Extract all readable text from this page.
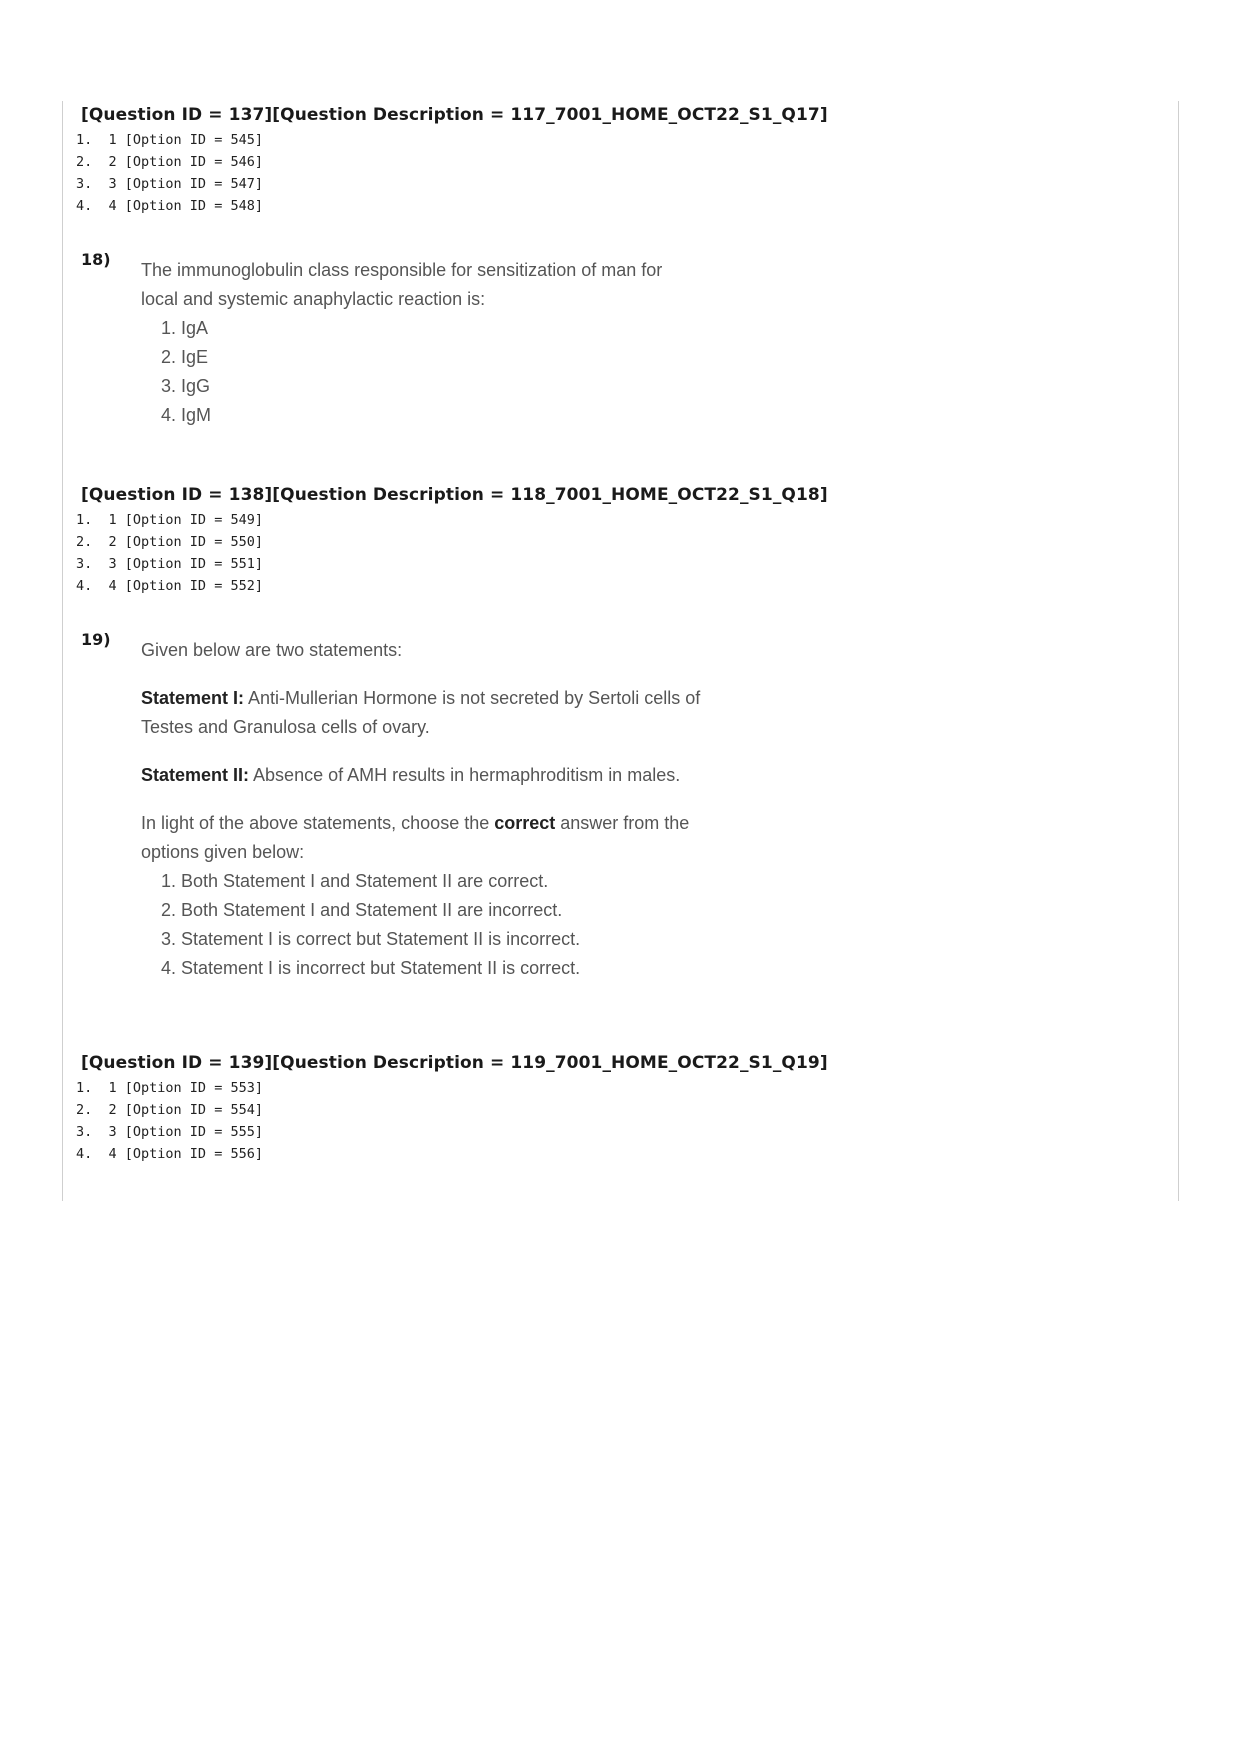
[Question ID = 137][Question Description = 117_7001_HOME_OCT22_S1_Q17]
1. 1 [Option ID = 545]
2. 2 [Option ID = 546]
3. 3 [Option ID = 547]
4. 4 [Option ID = 548]
18)

The immunoglobulin class responsible for sensitization of man for

local and systemic anaphylactic reaction is:

1. IgA
2. IgE
3. IgG
4. IgM
[Question ID = 138][Question Description = 118_7001_HOME_OCT22_S1_Q18]
1. 1 [Option ID = 549]
2. 2 [Option ID = 550]
3. 3 [Option ID = 551]
4. 4 [Option ID = 552]
19)

Given below are two statements:

Statement I: Anti-Mullerian Hormone is not secreted by Sertoli cells of

Testes and Granulosa cells of ovary.

Statement II: Absence of AMH results in hermaphroditism in males.

In light of the above statements, choose the correct answer from the

options given below:

1. Both Statement I and Statement II are correct.
2. Both Statement I and Statement II are incorrect.
3. Statement I is correct but Statement II is incorrect.
4. Statement I is incorrect but Statement II is correct.
[Question ID = 139][Question Description = 119_7001_HOME_OCT22_S1_Q19]
1. 1 [Option ID = 553]
2. 2 [Option ID = 554]
3. 3 [Option ID = 555]
4. 4 [Option ID = 556]
